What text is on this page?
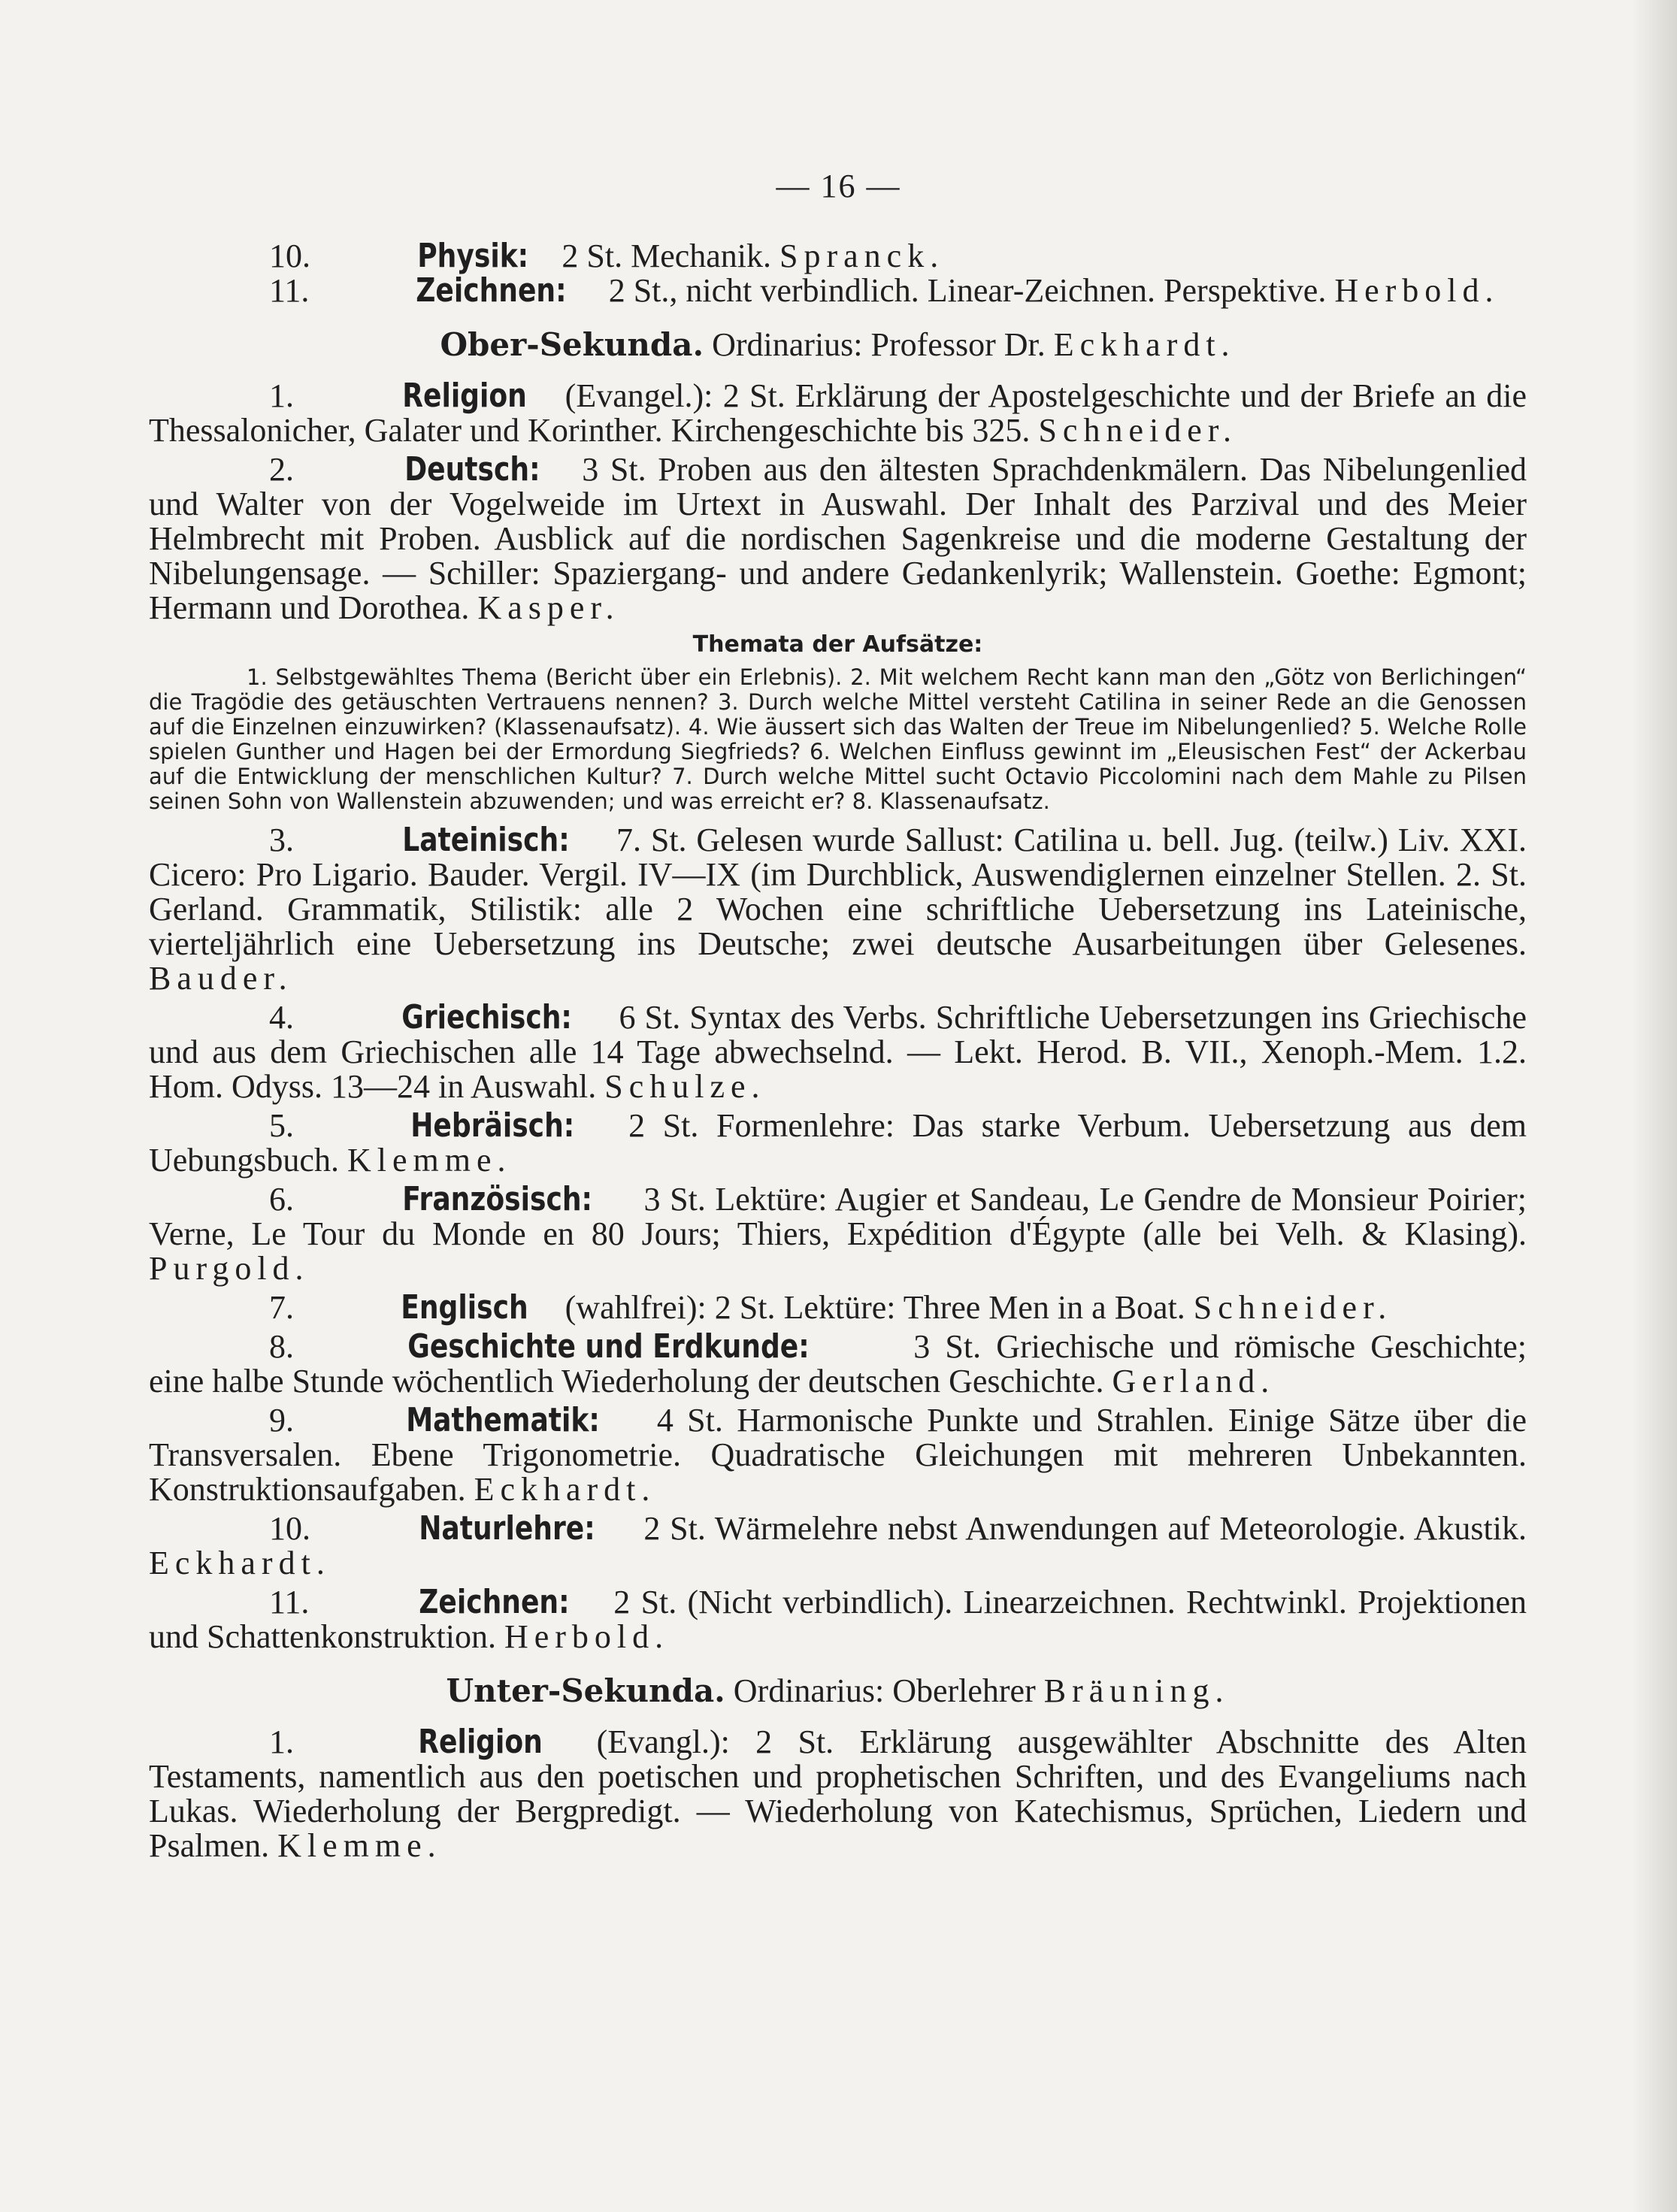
— 16 —

10.	Physik: 2 St. Mechanik. Spranck.

11.	Zeichnen: 2 St., nicht verbindlich. Linear-Zeichnen. Perspektive. Herbold.

Ober-Sekunda. Ordinarius: Professor Dr. Eckhardt.

1.	Religion (Evangel.): 2 St. Erklärung der Apostelgeschichte und der Briefe an die Thessalonicher, Galater und Korinther. Kirchengeschichte bis 325. Schneider.

2.	Deutsch: 3 St. Proben aus den ältesten Sprachdenkmälern. Das Nibelungenlied und Walter von der Vogelweide im Urtext in Auswahl. Der Inhalt des Parzival und des Meier Helmbrecht mit Proben. Ausblick auf die nordischen Sagenkreise und die moderne Gestaltung der Nibelungensage. — Schiller: Spaziergang- und andere Gedankenlyrik; Wallenstein. Goethe: Egmont; Hermann und Dorothea. Kasper.

Themata der Aufsätze:

1. Selbstgewähltes Thema (Bericht über ein Erlebnis). 2. Mit welchem Recht kann man den „Götz von Berlichingen“ die Tragödie des getäuschten Vertrauens nennen? 3. Durch welche Mittel versteht Catilina in seiner Rede an die Genossen auf die Einzelnen einzuwirken? (Klassenaufsatz). 4. Wie äussert sich das Walten der Treue im Nibelungenlied? 5. Welche Rolle spielen Gunther und Hagen bei der Ermordung Siegfrieds? 6. Welchen Einfluss gewinnt im „Eleusischen Fest“ der Ackerbau auf die Entwicklung der menschlichen Kultur? 7. Durch welche Mittel sucht Octavio Piccolomini nach dem Mahle zu Pilsen seinen Sohn von Wallenstein abzuwenden; und was erreicht er? 8. Klassenaufsatz.

3.	Lateinisch: 7. St. Gelesen wurde Sallust: Catilina u. bell. Jug. (teilw.) Liv. XXI. Cicero: Pro Ligario. Bauder. Vergil. IV—IX (im Durchblick, Auswendiglernen einzelner Stellen. 2. St. Gerland. Grammatik, Stilistik: alle 2 Wochen eine schriftliche Uebersetzung ins Lateinische, vierteljährlich eine Uebersetzung ins Deutsche; zwei deutsche Ausarbeitungen über Gelesenes. Bauder.

4.	Griechisch: 6 St. Syntax des Verbs. Schriftliche Uebersetzungen ins Griechische und aus dem Griechischen alle 14 Tage abwechselnd. — Lekt. Herod. B. VII., Xenoph.-Mem. 1.2. Hom. Odyss. 13—24 in Auswahl. Schulze.

5.	Hebräisch: 2 St. Formenlehre: Das starke Verbum. Uebersetzung aus dem Uebungsbuch. Klemme.

6.	Französisch: 3 St. Lektüre: Augier et Sandeau, Le Gendre de Monsieur Poirier; Verne, Le Tour du Monde en 80 Jours; Thiers, Expédition d'Égypte (alle bei Velh. & Klasing). Purgold.

7.	Englisch (wahlfrei): 2 St. Lektüre: Three Men in a Boat. Schneider.

8.	Geschichte und Erdkunde:	3 St. Griechische und römische Geschichte; eine halbe Stunde wöchentlich Wiederholung der deutschen Geschichte. Gerland.

9.	Mathematik: 4 St. Harmonische Punkte und Strahlen. Einige Sätze über die Transversalen. Ebene Trigonometrie. Quadratische Gleichungen mit mehreren Unbekannten. Konstruktionsaufgaben. Eckhardt.

10.	Naturlehre: 2 St. Wärmelehre nebst Anwendungen auf Meteorologie. Akustik. Eckhardt.

11.	Zeichnen: 2 St. (Nicht verbindlich). Linearzeichnen. Rechtwinkl. Projektionen und Schattenkonstruktion. Herbold.

Unter-Sekunda. Ordinarius: Oberlehrer Bräuning.

1.	Religion (Evangl.): 2 St. Erklärung ausgewählter Abschnitte des Alten Testaments, namentlich aus den poetischen und prophetischen Schriften, und des Evangeliums nach Lukas. Wiederholung der Bergpredigt. — Wiederholung von Katechismus, Sprüchen, Liedern und Psalmen. Klemme.
